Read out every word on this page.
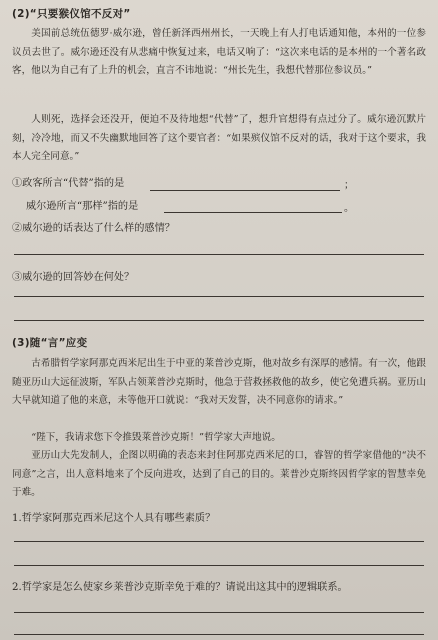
(2)“只要猴仪馆不反对”

美国前总统伍德罗·威尔逊，曾任新泽西州州长，一天晚上有人打电话通知他，本州的一位参议员去世了。威尔逊还没有从悲痛中恢复过来，电话又响了：“这次来电话的是本州的一个著名政客，他以为自己有了上升的机会，直言不讳地说：“州长先生，我想代替那位参议员。”

人则死，选择会还没开，便迫不及待地想“代替”了，想升官想得有点过分了。威尔逊沉默片刻，冷冷地，而又不失幽默地回答了这个要官者：“如果殡仪馆不反对的话，我对于这个要求，我本人完全同意。”

①政客所言“代替”指的是	；
威尔逊所言“那样”指的是	。
②威尔逊的话表达了什么样的感情？
③威尔逊的回答妙在何处？
(3)随“言”应变

古希腊哲学家阿那克西米尼出生于中亚的莱普沙克斯，他对故乡有深厚的感情。有一次，他跟随亚历山大远征波斯，军队占领莱普沙克斯时，他急于营救拯救他的故乡，使它免遭兵祸。亚历山大早就知道了他的来意，未等他开口就说：“我对天发誓，决不同意你的请求。”

“陛下，我请求您下令推毁莱普沙克斯！”哲学家大声地说。

亚历山大先发制人，企图以明确的表态来封住阿那克西米尼的口，睿智的哲学家借他的“决不同意”之言，出人意料地来了个反向进攻，达到了自己的目的。莱普沙克斯终因哲学家的智慧幸免于难。

1.哲学家阿那克西米尼这个人具有哪些素质？
2.哲学家是怎么使家乡莱普沙克斯幸免于难的？请说出这其中的逻辑联系。
